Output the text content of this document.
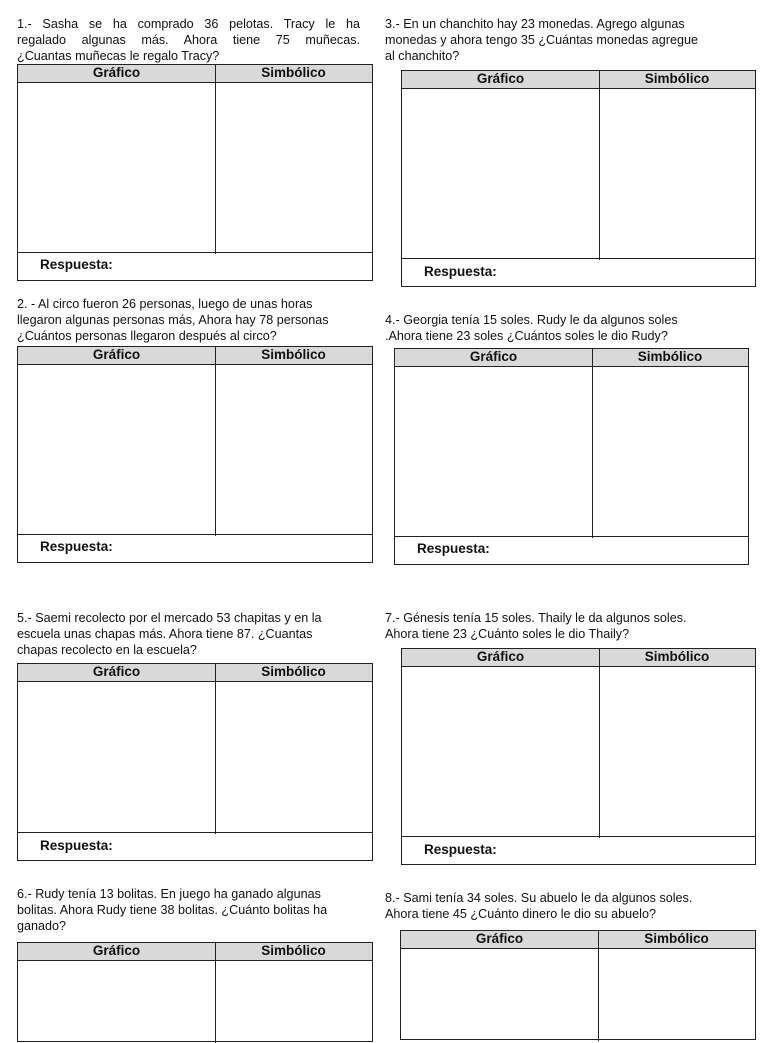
1.- Sasha se ha comprado 36 pelotas. Tracy le ha
regalado algunas más. Ahora tiene 75 muñecas.

¿Cuantas muñecas le regalo Tracy?

Gráfico	Simbólico
Respuesta:

2. - Al circo fueron 26 personas, luego de unas horas
llegaron algunas personas más, Ahora hay 78 personas
¿Cuántos personas llegaron después al circo?

Gráfico	Simbólico
Respuesta:

3.- En un chanchito hay 23 monedas. Agrego algunas
monedas y ahora tengo 35 ¿Cuántas monedas agregue
al chanchito?

Gráfico	Simbólico
Respuesta:

4.- Georgia tenía 15 soles. Rudy le da algunos soles
.Ahora tiene 23 soles ¿Cuántos soles le dio Rudy?

Gráfico	Simbólico
Respuesta:

5.- Saemi recolecto por el mercado 53 chapitas y en la
escuela unas chapas más. Ahora tiene 87. ¿Cuantas
chapas recolecto en la escuela?

Gráfico	Simbólico
Respuesta:

7.- Génesis tenía 15 soles. Thaily le da algunos soles.
Ahora tiene 23 ¿Cuánto soles le dio Thaily?

Gráfico	Simbólico
Respuesta:

6.- Rudy tenía 13 bolitas. En juego ha ganado algunas
bolitas. Ahora Rudy tiene 38 bolitas. ¿Cuánto bolitas ha
ganado?

Gráfico	Simbólico

8.- Sami tenía 34 soles. Su abuelo le da algunos soles.
Ahora tiene 45 ¿Cuánto dinero le dio su abuelo?

Gráfico	Simbólico
